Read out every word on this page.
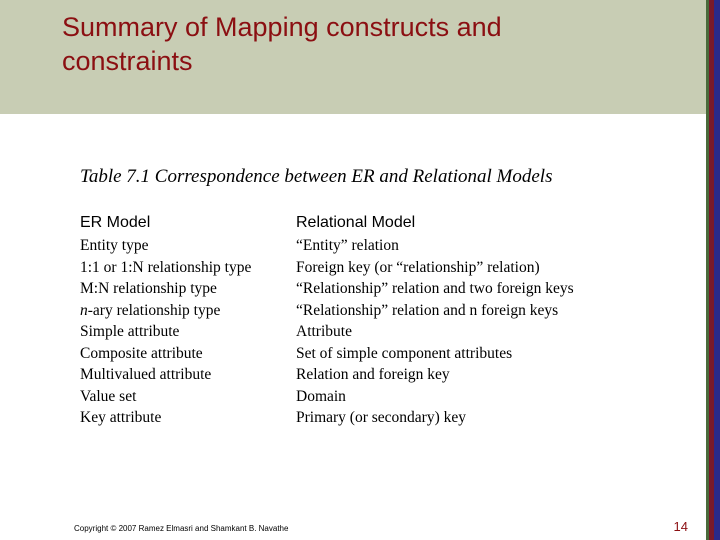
Summary of Mapping constructs and
constraints

Table 7.1 Correspondence between ER and Relational Models

ER Model	Relational Model
Entity type	“Entity” relation
1:1 or 1:N relationship type	Foreign key (or “relationship” relation)
M:N relationship type	“Relationship” relation and two foreign keys
n-ary relationship type	“Relationship” relation and n foreign keys
Simple attribute	Attribute
Composite attribute	Set of simple component attributes
Multivalued attribute	Relation and foreign key
Value set	Domain
Key attribute	Primary (or secondary) key
Copyright © 2007 Ramez Elmasri and Shamkant B. Navathe	14
